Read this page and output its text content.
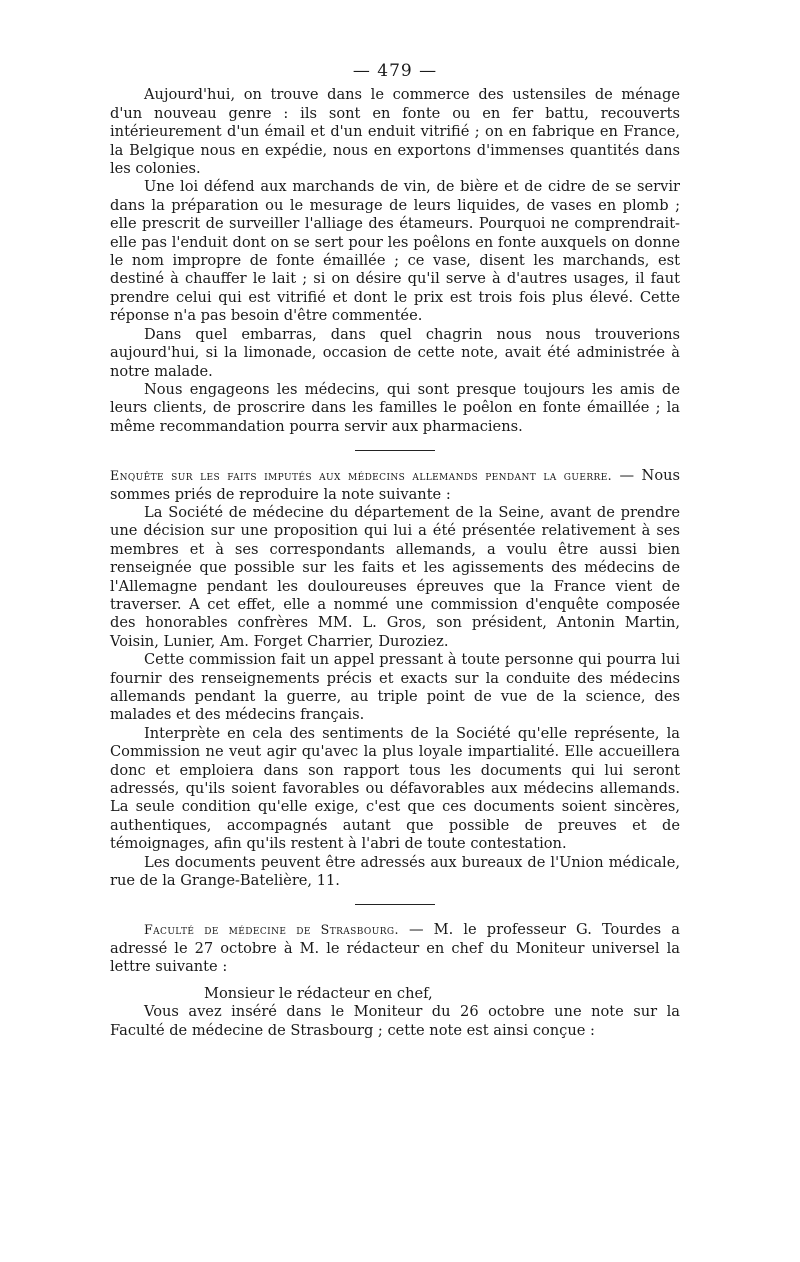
— 479 —

Aujourd'hui, on trouve dans le commerce des ustensiles de ménage d'un nouveau genre : ils sont en fonte ou en fer battu, recouverts intérieurement d'un émail et d'un enduit vitrifié ; on en fabrique en France, la Belgique nous en expédie, nous en exportons d'immenses quantités dans les colonies.

Une loi défend aux marchands de vin, de bière et de cidre de se servir dans la préparation ou le mesurage de leurs liquides, de vases en plomb ; elle prescrit de surveiller l'alliage des étameurs. Pourquoi ne comprendrait-elle pas l'enduit dont on se sert pour les poêlons en fonte auxquels on donne le nom impropre de fonte émaillée ; ce vase, disent les marchands, est destiné à chauffer le lait ; si on désire qu'il serve à d'autres usages, il faut prendre celui qui est vitrifié et dont le prix est trois fois plus élevé. Cette réponse n'a pas besoin d'être commentée.

Dans quel embarras, dans quel chagrin nous nous trouverions aujourd'hui, si la limonade, occasion de cette note, avait été administrée à notre malade.

Nous engageons les médecins, qui sont presque toujours les amis de leurs clients, de proscrire dans les familles le poêlon en fonte émaillée ; la même recommandation pourra servir aux pharmaciens.

Enquête sur les faits imputés aux médecins allemands pendant la guerre. — Nous sommes priés de reproduire la note suivante :

La Société de médecine du département de la Seine, avant de prendre une décision sur une proposition qui lui a été présentée relativement à ses membres et à ses correspondants allemands, a voulu être aussi bien renseignée que possible sur les faits et les agissements des médecins de l'Allemagne pendant les douloureuses épreuves que la France vient de traverser. A cet effet, elle a nommé une commission d'enquête composée des honorables confrères MM. L. Gros, son président, Antonin Martin, Voisin, Lunier, Am. Forget Charrier, Duroziez.

Cette commission fait un appel pressant à toute personne qui pourra lui fournir des renseignements précis et exacts sur la conduite des médecins allemands pendant la guerre, au triple point de vue de la science, des malades et des médecins français.

Interprète en cela des sentiments de la Société qu'elle représente, la Commission ne veut agir qu'avec la plus loyale impartialité. Elle accueillera donc et emploiera dans son rapport tous les documents qui lui seront adressés, qu'ils soient favorables ou défavorables aux médecins allemands. La seule condition qu'elle exige, c'est que ces documents soient sincères, authentiques, accompagnés autant que possible de preuves et de témoignages, afin qu'ils restent à l'abri de toute contestation.

Les documents peuvent être adressés aux bureaux de l'Union médicale, rue de la Grange-Batelière, 11.

Faculté de médecine de Strasbourg. — M. le professeur G. Tourdes a adressé le 27 octobre à M. le rédacteur en chef du Moniteur universel la lettre suivante :

Monsieur le rédacteur en chef,

Vous avez inséré dans le Moniteur du 26 octobre une note sur la Faculté de médecine de Strasbourg ; cette note est ainsi conçue :
